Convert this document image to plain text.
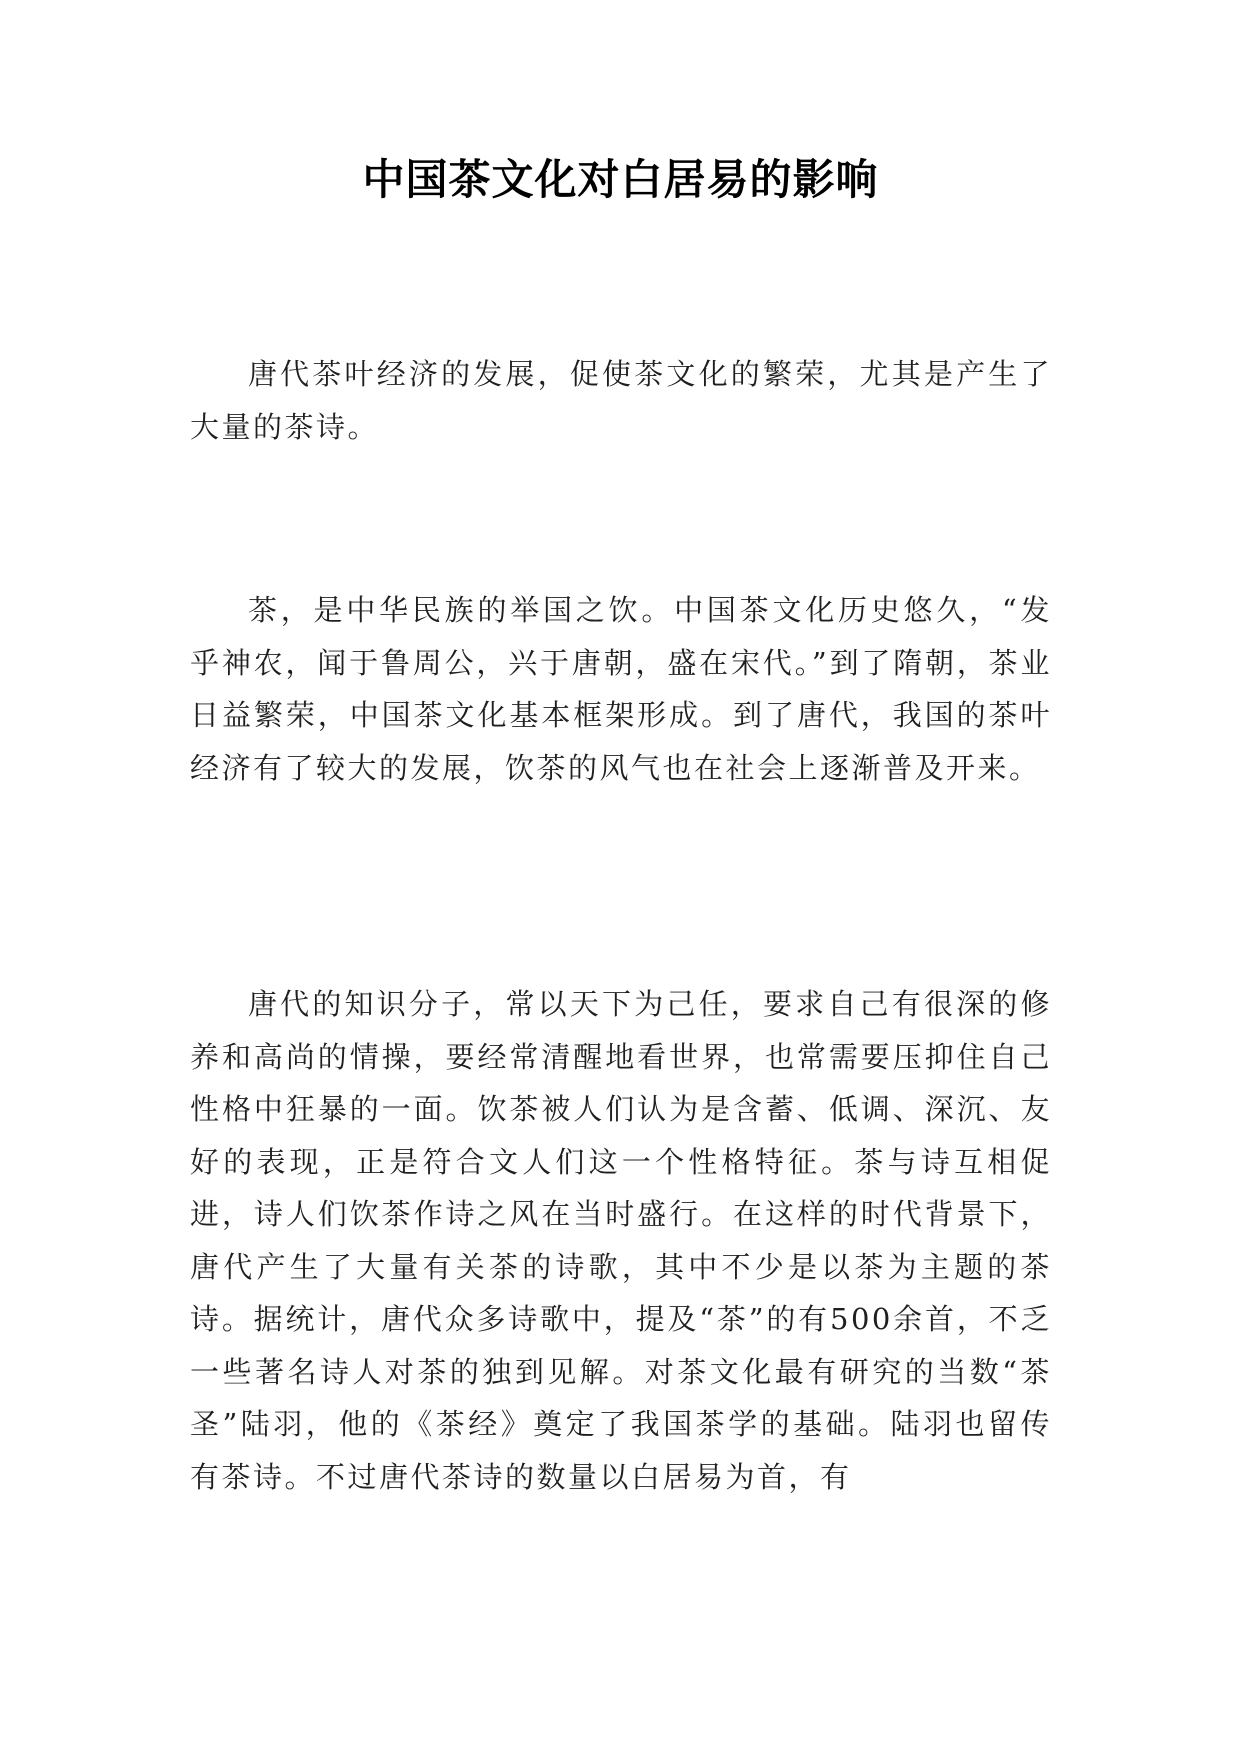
中国茶文化对白居易的影响

唐代茶叶经济的发展，促使茶文化的繁荣，尤其是产生了大量的茶诗。

茶，是中华民族的举国之饮。中国茶文化历史悠久，“发乎神农，闻于鲁周公，兴于唐朝，盛在宋代。”到了隋朝，茶业日益繁荣，中国茶文化基本框架形成。到了唐代，我国的茶叶经济有了较大的发展，饮茶的风气也在社会上逐渐普及开来。

唐代的知识分子，常以天下为己任，要求自己有很深的修养和高尚的情操，要经常清醒地看世界，也常需要压抑住自己性格中狂暴的一面。饮茶被人们认为是含蓄、低调、深沉、友好的表现，正是符合文人们这一个性格特征。茶与诗互相促进，诗人们饮茶作诗之风在当时盛行。在这样的时代背景下，唐代产生了大量有关茶的诗歌，其中不少是以茶为主题的茶诗。据统计，唐代众多诗歌中，提及“茶”的有500余首，不乏一些著名诗人对茶的独到见解。对茶文化最有研究的当数“茶圣”陆羽，他的《茶经》奠定了我国茶学的基础。陆羽也留传有茶诗。不过唐代茶诗的数量以白居易为首，有
